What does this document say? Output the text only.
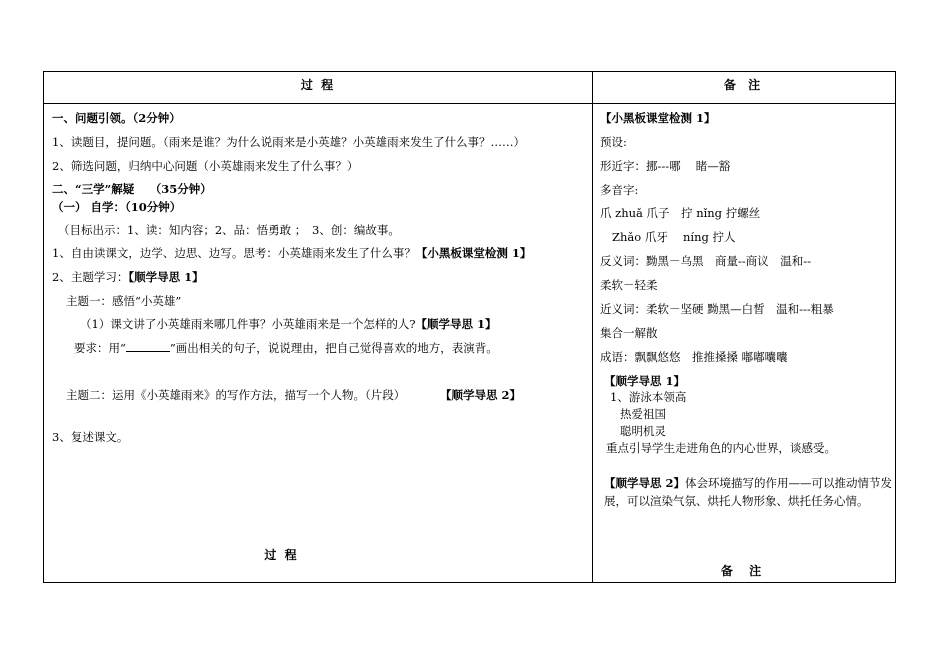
过 程	备 注
一、问题引领。（2分钟）
1、读题目，提问题。（雨来是谁？为什么说雨来是小英雄？小英雄雨来发生了什么事？……）
2、筛选问题，归纳中心问题（小英雄雨来发生了什么事？）
二、“三学”解疑　 （35分钟）
（一） 自学：（10分钟）
（目标出示：1、读：知内容；2、品：悟勇敢 ；　3、创：编故事。
1、自由读课文，边学、边思、边写。思考：小英雄雨来发生了什么事？【小黑板课堂检测 1】
2、主题学习：【顺学导思 1】
主题一：感悟“小英雄”
（1）课文讲了小英雄雨来哪几件事？小英雄雨来是一个怎样的人?【顺学导思 1】
要求：用“	”画出相关的句子，说说理由，把自己觉得喜欢的地方，表演背。
主题二：运用《小英雄雨来》的写作方法，描写一个人物。（片段）	【顺学导思 2】
3、复述课文。
【小黑板课堂检测 1】
预设:
形近字：挪---哪　 睹—豁
多音字:
爪 zhuǎ 爪子　拧 nǐng 拧螺丝
Zhǎo 爪牙　 níng 拧人
反义词：黝黑－乌黑　商量--商议　温和--
柔软－轻柔
近义词：柔软－坚硬 黝黑—白皙　温和---粗暴
集合一解散
成语：飘飘悠悠　推推搡搡 嘟嘟囔囔
【顺学导思 1】
1、游泳本领高
热爱祖国
聪明机灵
重点引导学生走进角色的内心世界，谈感受。
【顺学导思 2】体会环境描写的作用——可以推动情节发
展，可以渲染气氛、烘托人物形象、烘托任务心情。
过 程
备 注
